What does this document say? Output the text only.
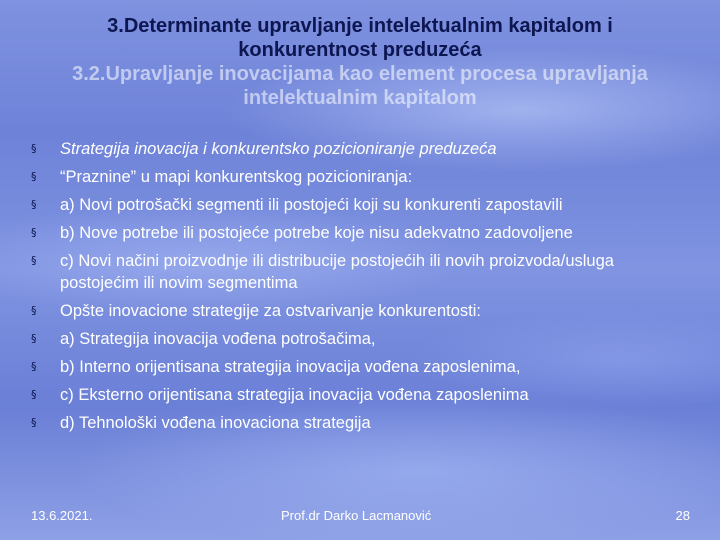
3.Determinante upravljanje intelektualnim kapitalom i
konkurentnost preduzeća
3.2.Upravljanje inovacijama kao element procesa upravljanja
intelektualnim kapitalom
§ Strategija inovacija i konkurentsko pozicioniranje preduzeća
§ “Praznine” u mapi konkurentskog pozicioniranja:
§ a) Novi potrošački segmenti ili postojeći koji su konkurenti zapostavili
§ b) Nove potrebe ili postojeće potrebe koje nisu adekvatno zadovoljene
§ c) Novi načini proizvodnje ili distribucije postojećih ili novih proizvoda/usluga postojećim ili novim segmentima
§ Opšte inovacione strategije za ostvarivanje konkurentosti:
§ a) Strategija inovacija vođena potrošačima,
§ b) Interno orijentisana strategija inovacija vođena zaposlenima,
§ c) Eksterno orijentisana strategija inovacija vođena zaposlenima
§ d) Tehnološki vođena inovaciona strategija
13.6.2021.	Prof.dr Darko Lacmanović	28
